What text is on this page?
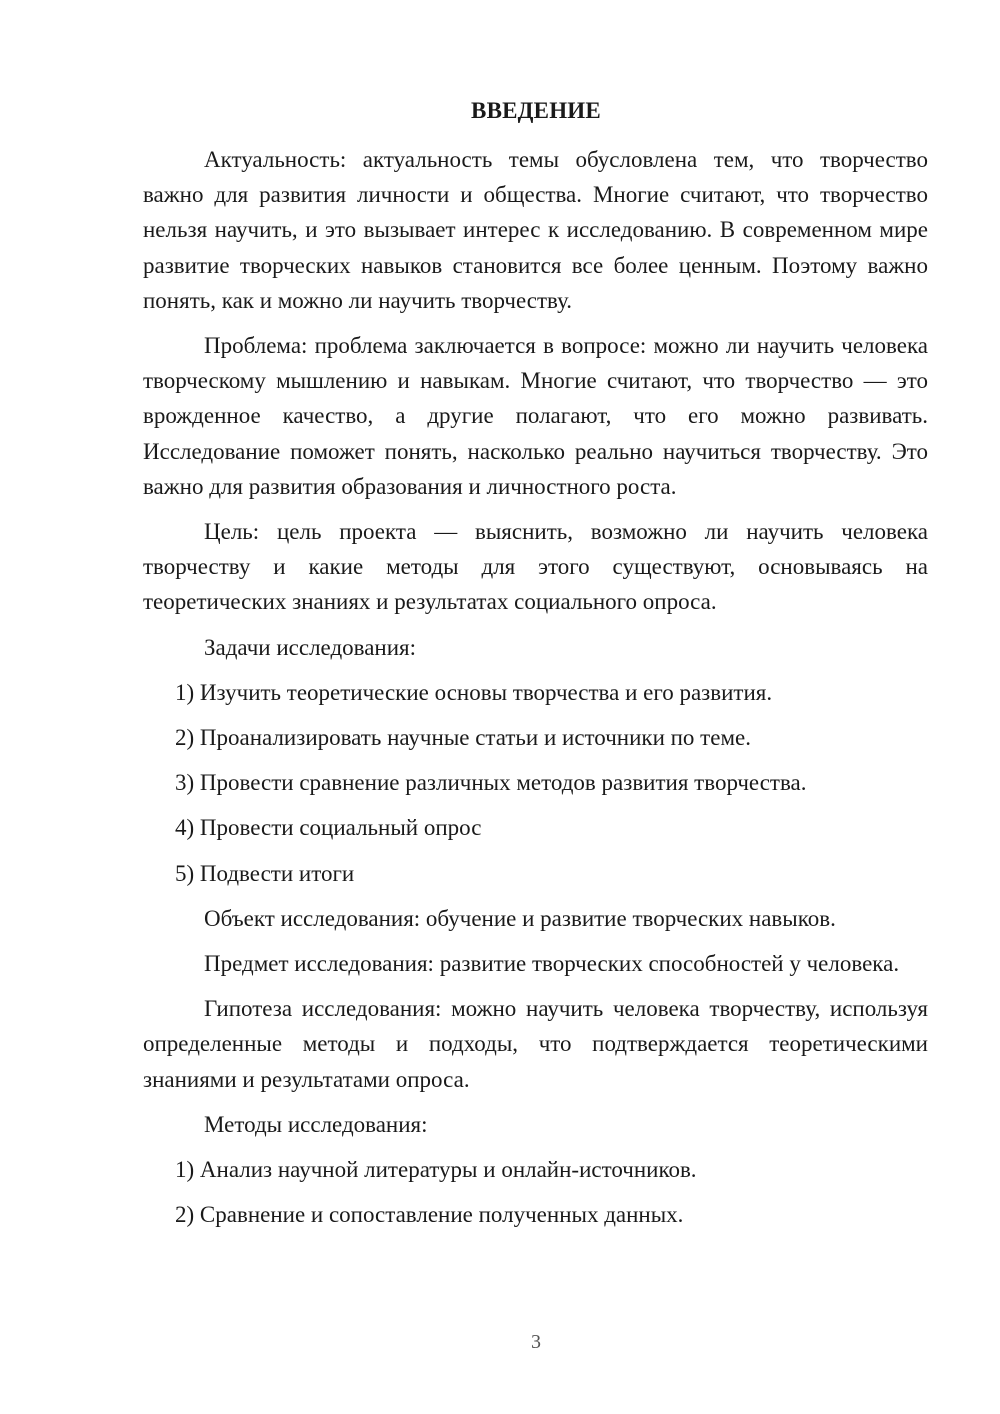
ВВЕДЕНИЕ

Актуальность: актуальность темы обусловлена тем, что творчество важно для развития личности и общества. Многие считают, что творчество нельзя научить, и это вызывает интерес к исследованию. В современном мире развитие творческих навыков становится все более ценным. Поэтому важно понять, как и можно ли научить творчеству.

Проблема: проблема заключается в вопросе: можно ли научить человека творческому мышлению и навыкам. Многие считают, что творчество — это врожденное качество, а другие полагают, что его можно развивать. Исследование поможет понять, насколько реально научиться творчеству. Это важно для развития образования и личностного роста.

Цель: цель проекта — выяснить, возможно ли научить человека творчеству и какие методы для этого существуют, основываясь на теоретических знаниях и результатах социального опроса.

Задачи исследования:

1) Изучить теоретические основы творчества и его развития.

2) Проанализировать научные статьи и источники по теме.

3) Провести сравнение различных методов развития творчества.

4) Провести социальный опрос

5) Подвести итоги

Объект исследования: обучение и развитие творческих навыков.

Предмет исследования: развитие творческих способностей у человека.

Гипотеза исследования: можно научить человека творчеству, используя определенные методы и подходы, что подтверждается теоретическими знаниями и результатами опроса.

Методы исследования:

1) Анализ научной литературы и онлайн-источников.

2) Сравнение и сопоставление полученных данных.

3
